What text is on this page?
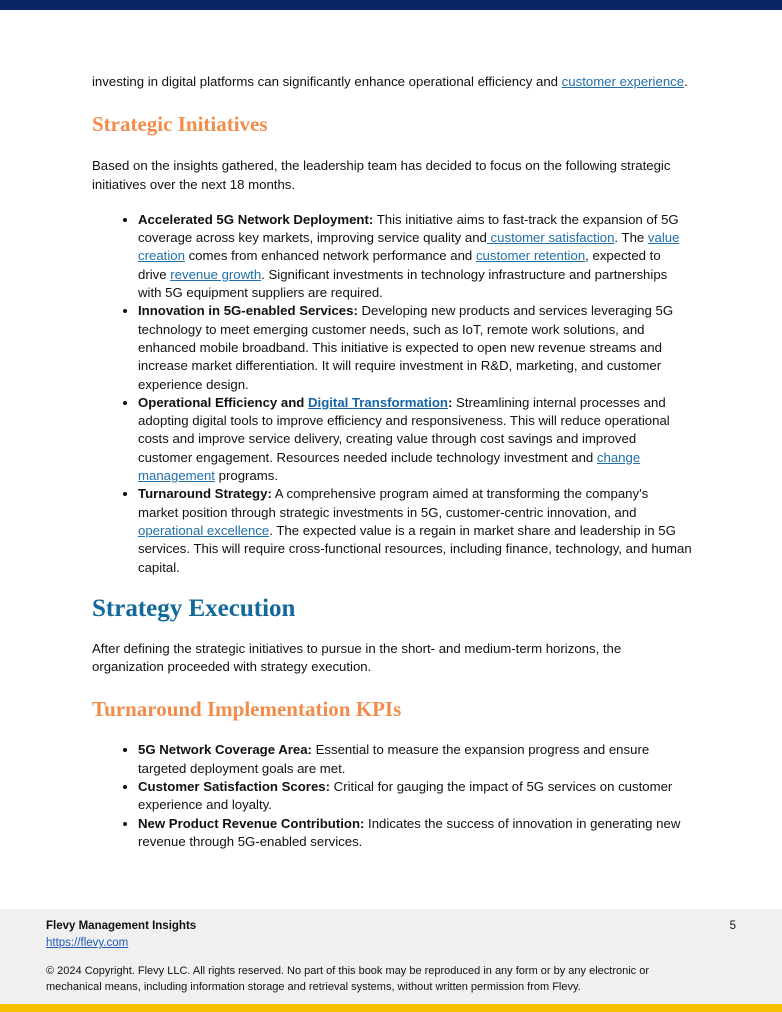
investing in digital platforms can significantly enhance operational efficiency and customer experience.

Strategic Initiatives

Based on the insights gathered, the leadership team has decided to focus on the following strategic initiatives over the next 18 months.

• Accelerated 5G Network Deployment: This initiative aims to fast-track the expansion of 5G coverage across key markets, improving service quality and customer satisfaction. The value creation comes from enhanced network performance and customer retention, expected to drive revenue growth. Significant investments in technology infrastructure and partnerships with 5G equipment suppliers are required.
• Innovation in 5G-enabled Services: Developing new products and services leveraging 5G technology to meet emerging customer needs, such as IoT, remote work solutions, and enhanced mobile broadband. This initiative is expected to open new revenue streams and increase market differentiation. It will require investment in R&D, marketing, and customer experience design.
• Operational Efficiency and Digital Transformation: Streamlining internal processes and adopting digital tools to improve efficiency and responsiveness. This will reduce operational costs and improve service delivery, creating value through cost savings and improved customer engagement. Resources needed include technology investment and change management programs.
• Turnaround Strategy: A comprehensive program aimed at transforming the company's market position through strategic investments in 5G, customer-centric innovation, and operational excellence. The expected value is a regain in market share and leadership in 5G services. This will require cross-functional resources, including finance, technology, and human capital.
Strategy Execution

After defining the strategic initiatives to pursue in the short- and medium-term horizons, the organization proceeded with strategy execution.

Turnaround Implementation KPIs
• 5G Network Coverage Area: Essential to measure the expansion progress and ensure targeted deployment goals are met.
• Customer Satisfaction Scores: Critical for gauging the impact of 5G services on customer experience and loyalty.
• New Product Revenue Contribution: Indicates the success of innovation in generating new revenue through 5G-enabled services.
Flevy Management Insights
https://flevy.com
5
© 2024 Copyright. Flevy LLC. All rights reserved. No part of this book may be reproduced in any form or by any electronic or mechanical means, including information storage and retrieval systems, without written permission from Flevy.
